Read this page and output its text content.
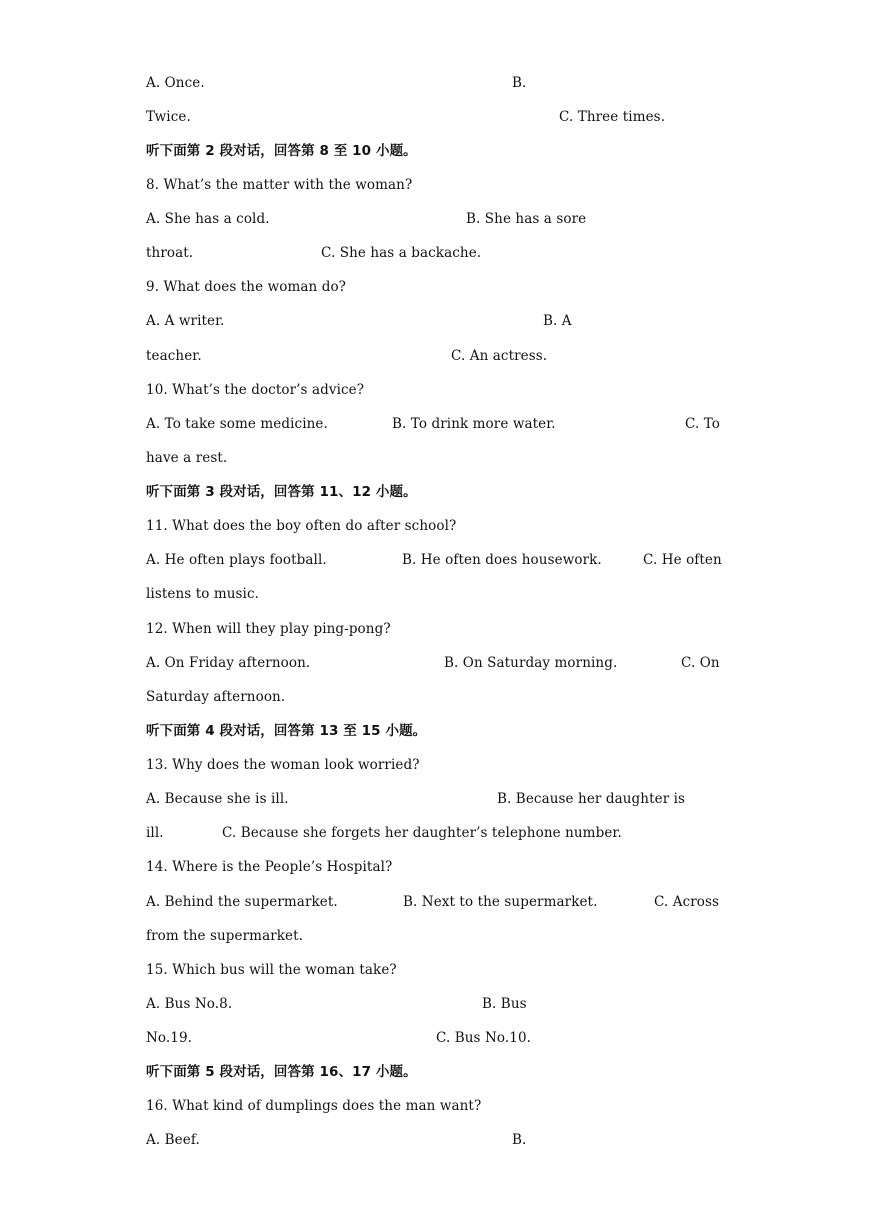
A. Once.	B.
Twice.	C. Three times.
听下面第 2 段对话，回答第 8 至 10 小题。
8. What’s the matter with the woman?
A. She has a cold.	B. She has a sore
throat.	C. She has a backache.
9. What does the woman do?
A. A writer.	B. A
teacher.	C. An actress.
10. What’s the doctor’s advice?
A. To take some medicine.	B. To drink more water.	C. To
have a rest.
听下面第 3 段对话，回答第 11、12 小题。
11. What does the boy often do after school?
A. He often plays football.	B. He often does housework.	C. He often
listens to music.
12. When will they play ping-pong?
A. On Friday afternoon.	B. On Saturday morning.	C. On
Saturday afternoon.
听下面第 4 段对话，回答第 13 至 15 小题。
13. Why does the woman look worried?
A. Because she is ill.	B. Because her daughter is
ill.	C. Because she forgets her daughter’s telephone number.
14. Where is the People’s Hospital?
A. Behind the supermarket.	B. Next to the supermarket.	C. Across
from the supermarket.
15. Which bus will the woman take?
A. Bus No.8.	B. Bus
No.19.	C. Bus No.10.
听下面第 5 段对话，回答第 16、17 小题。
16. What kind of dumplings does the man want?
A. Beef.	B.
